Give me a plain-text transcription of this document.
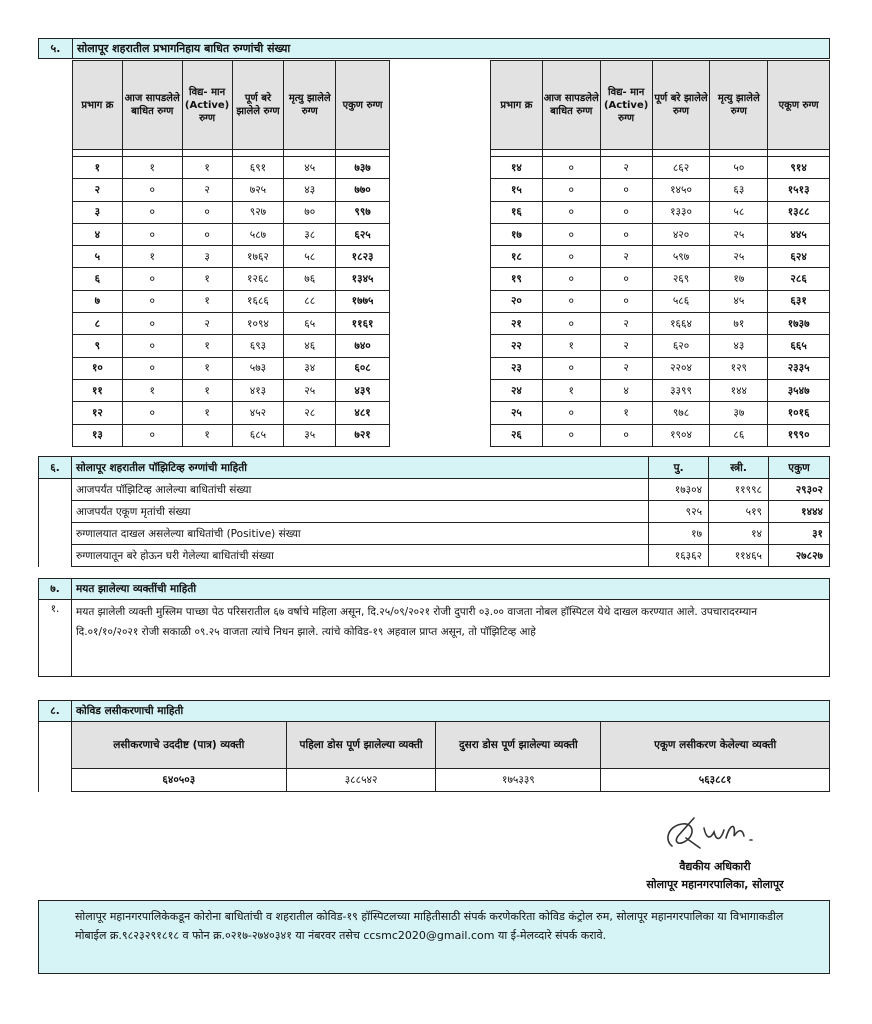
५.	सोलापूर शहरातील प्रभागनिहाय बाधित रुग्णांची संख्या
प्रभाग क्र	आज सापडलेले बाधित रुग्ण	विद्य- मान (Active) रुग्ण	पूर्ण बरे झालेले रुग्ण	मृत्यु झालेले रुग्ण	एकुण रुग्ण

१	१	१	६९१	४५	७३७
२	०	२	७२५	४३	७७०
३	०	०	९२७	७०	९९७
४	०	०	५८७	३८	६२५
५	१	३	१७६२	५८	१८२३
६	०	१	१२६८	७६	१३४५
७	०	१	१६८६	८८	१७७५
८	०	२	१०९४	६५	११६१
९	०	१	६९३	४६	७४०
१०	०	१	५७३	३४	६०८
११	१	१	४१३	२५	४३९
१२	०	१	४५२	२८	४८१
१३	०	१	६८५	३५	७२१
प्रभाग क्र	आज सापडलेले बाधित रुग्ण	विद्य- मान (Active) रुग्ण	पूर्ण बरे झालेले रुग्ण	मृत्यु झालेले रुग्ण	एकूण रुग्ण

१४	०	२	८६२	५०	९१४
१५	०	०	१४५०	६३	१५१३
१६	०	०	१३३०	५८	१३८८
१७	०	०	४२०	२५	४४५
१८	०	२	५९७	२५	६२४
१९	०	०	२६९	१७	२८६
२०	०	०	५८६	४५	६३१
२१	०	२	१६६४	७१	१७३७
२२	१	२	६२०	४३	६६५
२३	०	२	२२०४	१२९	२३३५
२४	१	४	३३९९	१४४	३५४७
२५	०	१	९७८	३७	१०१६
२६	०	०	१९०४	८६	१९९०
६.	सोलापूर शहरातील पॉझिटिव्ह रुग्णांची माहिती	पु.	स्त्री.	एकुण
	आजपर्यंत पॉझिटिव्ह आलेल्या बाधितांची संख्या	१७३०४	११९९८	२९३०२
	आजपर्यंत एकूण मृतांची संख्या	९२५	५१९	१४४४
	रुग्णालयात दाखल असलेल्या बाधितांची (Positive) संख्या	१७	१४	३१
	रुग्णालयातून बरे होऊन घरी गेलेल्या बाधितांची संख्या	१६३६२	११४६५	२७८२७
७.	मयत झालेल्या व्यक्तींची माहिती
१.	मयत झालेली व्यक्ती मुस्लिम पाच्छा पेठ परिसरातील ६७ वर्षाचे महिला असून, दि.२५/०९/२०२१ रोजी दुपारी ०३.०० वाजता नोबल हॉस्पिटल येथे दाखल करण्यात आले. उपचारादरम्यान दि.०१/१०/२०२१ रोजी सकाळी ०९.२५ वाजता त्यांचे निधन झाले. त्यांचे कोविड-१९ अहवाल प्राप्त असून, तो पॉझिटिव्ह आहे
८.	कोविड लसीकरणाची माहिती			
	लसीकरणाचे उददीष्ट (पात्र) व्यक्ती	पहिला डोस पूर्ण झालेल्या व्यक्ती	दुसरा डोस पूर्ण झालेल्या व्यक्ती	एकूण लसीकरण केलेल्या व्यक्ती
	६४०५०३	३८८५४२	१७५३३९	५६३८८१
वैद्यकीय अधिकारी
सोलापूर महानगरपालिका, सोलापूर
सोलापूर महानगरपालिकेकडून कोरोना बाधितांची व शहरातील कोविड-१९ हॉस्पिटलच्या माहितीसाठी संपर्क करणेकरिता कोविड कंट्रोल रुम, सोलापूर महानगरपालिका या विभागाकडील मोबाईल क्र.९८२३२९१८१८ व फोन क्र.०२१७-२७४०३४१ या नंबरवर तसेच ccsmc2020@gmail.com या ई-मेलव्दारे संपर्क करावे.
